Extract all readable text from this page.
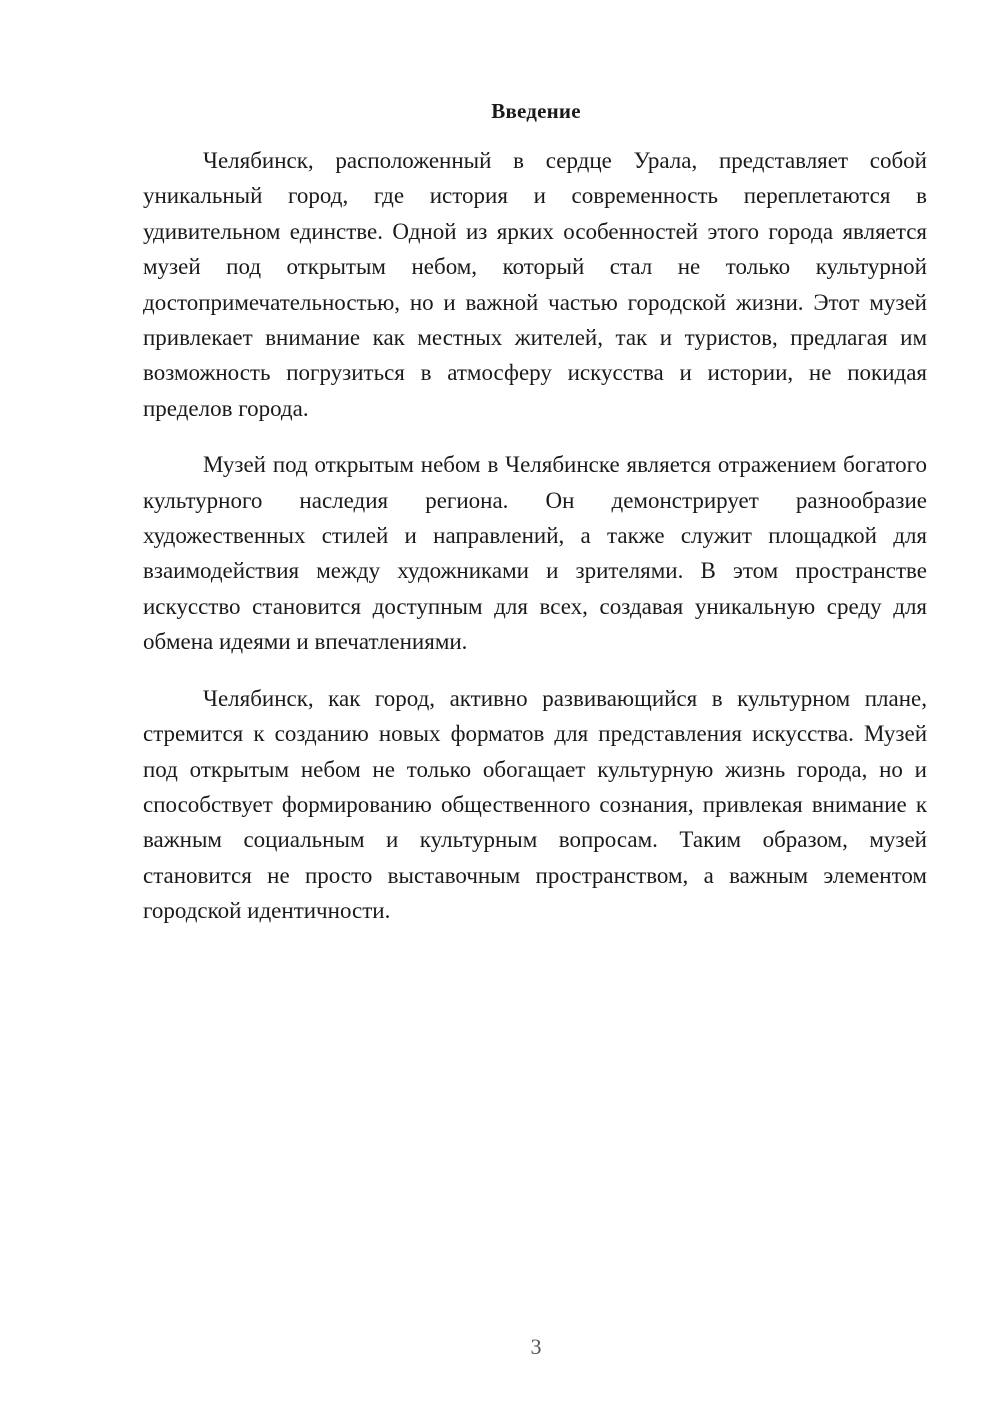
Введение

Челябинск, расположенный в сердце Урала, представляет собой уникальный город, где история и современность переплетаются в удивительном единстве. Одной из ярких особенностей этого города является музей под открытым небом, который стал не только культурной достопримечательностью, но и важной частью городской жизни. Этот музей привлекает внимание как местных жителей, так и туристов, предлагая им возможность погрузиться в атмосферу искусства и истории, не покидая пределов города.

Музей под открытым небом в Челябинске является отражением богатого культурного наследия региона. Он демонстрирует разнообразие художественных стилей и направлений, а также служит площадкой для взаимодействия между художниками и зрителями. В этом пространстве искусство становится доступным для всех, создавая уникальную среду для обмена идеями и впечатлениями.

Челябинск, как город, активно развивающийся в культурном плане, стремится к созданию новых форматов для представления искусства. Музей под открытым небом не только обогащает культурную жизнь города, но и способствует формированию общественного сознания, привлекая внимание к важным социальным и культурным вопросам. Таким образом, музей становится не просто выставочным пространством, а важным элементом городской идентичности.

3
